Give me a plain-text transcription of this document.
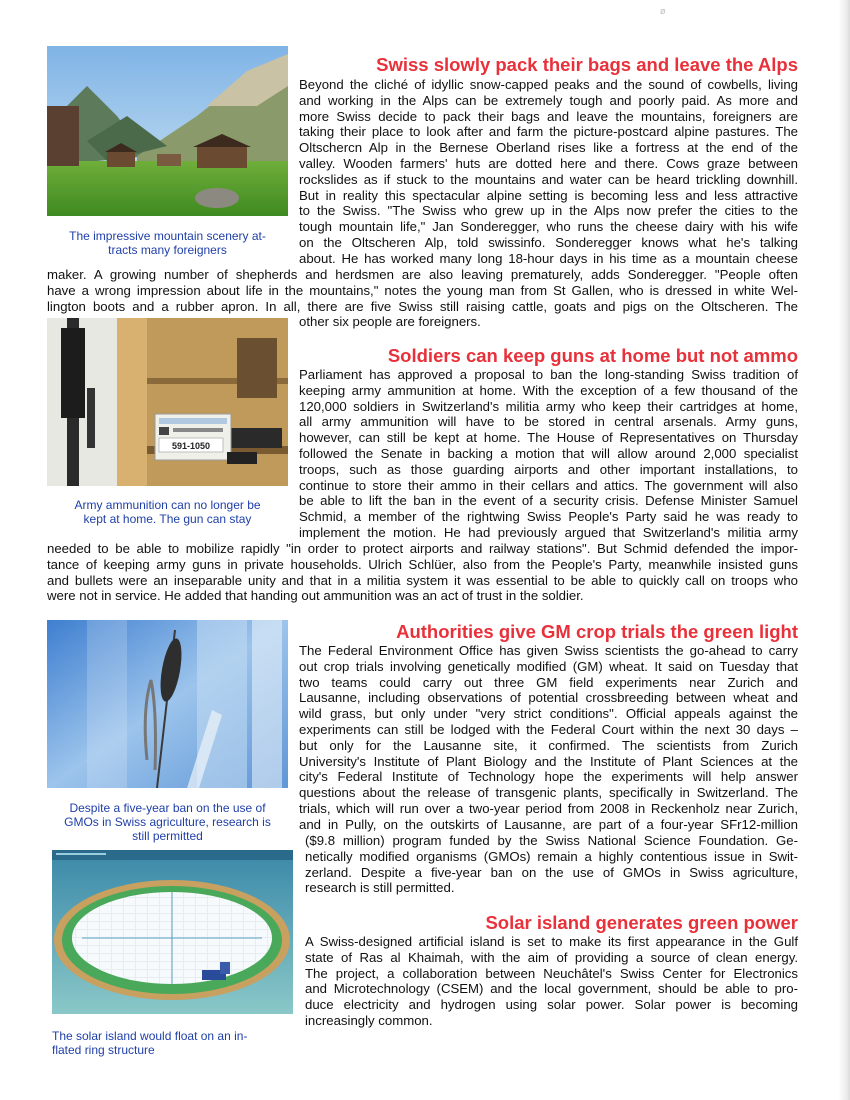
ø
The impressive mountain scenery at-
tracts many foreigners
Swiss slowly pack their bags and leave the Alps
Beyond the cliché of idyllic snow-capped peaks and the sound of cowbells, living
and working in the Alps can be extremely tough and poorly paid. As more and
more Swiss decide to pack their bags and leave the mountains, foreigners are
taking their place to look after and farm the picture-postcard alpine pastures. The
Oltschercn Alp in the Bernese Oberland rises like a fortress at the end of the
valley. Wooden farmers' huts are dotted here and there. Cows graze between
rockslides as if stuck to the mountains and water can be heard trickling downhill.
But in reality this spectacular alpine setting is becoming less and less attractive
to the Swiss. "The Swiss who grew up in the Alps now prefer the cities to the
tough mountain life," Jan Sonderegger, who runs the cheese dairy with his wife
on the Oltscheren Alp, told swissinfo. Sonderegger knows what he's talking
about. He has worked many long 18-hour days in his time as a mountain cheese
maker. A growing number of shepherds and herdsmen are also leaving prematurely, adds Sonderegger. "People often
have a wrong impression about life in the mountains," notes the young man from St Gallen, who is dressed in white Wel-
lington boots and a rubber apron. In all, there are five Swiss still raising cattle, goats and pigs on the Oltscheren. The
other six people are foreigners.
591-1050
Army ammunition can no longer be
kept at home. The gun can stay
Soldiers can keep guns at home but not ammo
Parliament has approved a proposal to ban the long-standing Swiss tradition of
keeping army ammunition at home. With the exception of a few thousand of the
120,000 soldiers in Switzerland's militia army who keep their cartridges at home,
all army ammunition will have to be stored in central arsenals. Army guns,
however, can still be kept at home. The House of Representatives on Thursday
followed the Senate in backing a motion that will allow around 2,000 specialist
troops, such as those guarding airports and other important installations, to
continue to store their ammo in their cellars and attics. The government will also
be able to lift the ban in the event of a security crisis. Defense Minister Samuel
Schmid, a member of the rightwing Swiss People's Party said he was ready to
implement the motion. He had previously argued that Switzerland's militia army
needed to be able to mobilize rapidly "in order to protect airports and railway stations". But Schmid defended the impor-
tance of keeping army guns in private households. Ulrich Schlüer, also from the People's Party, meanwhile insisted guns
and bullets were an inseparable unity and that in a militia system it was essential to be able to quickly call on troops who
were not in service. He added that handing out ammunition was an act of trust in the soldier.
Despite a five-year ban on the use of
GMOs in Swiss agriculture, research is
still permitted
Authorities give GM crop trials the green light
The Federal Environment Office has given Swiss scientists the go-ahead to carry
out crop trials involving genetically modified (GM) wheat. It said on Tuesday that
two teams could carry out three GM field experiments near Zurich and
Lausanne, including observations of potential crossbreeding between wheat and
wild grass, but only under "very strict conditions". Official appeals against the
experiments can still be lodged with the Federal Court within the next 30 days –
but only for the Lausanne site, it confirmed. The scientists from Zurich
University's Institute of Plant Biology and the Institute of Plant Sciences at the
city's Federal Institute of Technology hope the experiments will help answer
questions about the release of transgenic plants, specifically in Switzerland. The
trials, which will run over a two-year period from 2008 in Reckenholz near Zurich,
and in Pully, on the outskirts of Lausanne, are part of a four-year SFr12-million
($9.8 million) program funded by the Swiss National Science Foundation. Ge-
netically modified organisms (GMOs) remain a highly contentious issue in Swit-
zerland. Despite a five-year ban on the use of GMOs in Swiss agriculture,
research is still permitted.
The solar island would float on an in-
flated ring structure
Solar island generates green power
A Swiss-designed artificial island is set to make its first appearance in the Gulf
state of Ras al Khaimah, with the aim of providing a source of clean energy.
The project, a collaboration between Neuchâtel's Swiss Center for Electronics
and Microtechnology (CSEM) and the local government, should be able to pro-
duce electricity and hydrogen using solar power. Solar power is becoming
increasingly common.
